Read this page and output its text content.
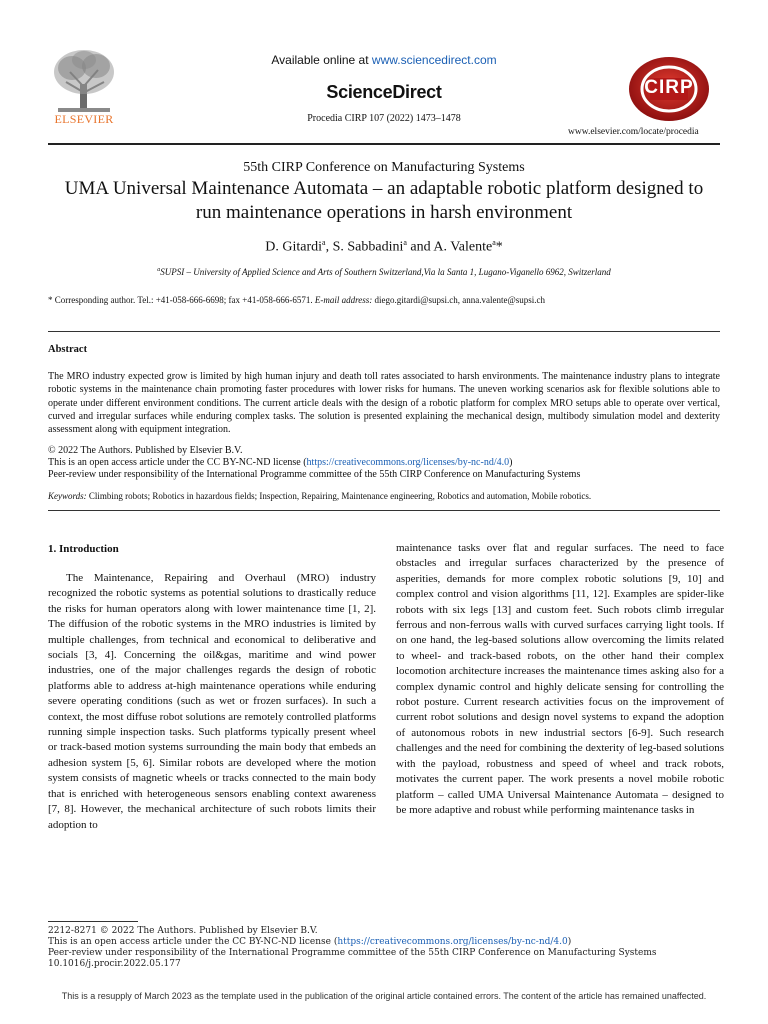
ELSEVIER
Available online at www.sciencedirect.com
ScienceDirect
Procedia CIRP 107 (2022) 1473–1478
CIRP
www.elsevier.com/locate/procedia
55th CIRP Conference on Manufacturing Systems
UMA Universal Maintenance Automata – an adaptable robotic platform designed to run maintenance operations in harsh environment
D. Gitardi$^a$, S. Sabbadini$^a$ and A. Valente$^a$*
$^a$SUPSI – University of Applied Science and Arts of Southern Switzerland,Via la Santa 1, Lugano-Viganello 6962, Switzerland
* Corresponding author. Tel.: +41-058-666-6698; fax +41-058-666-6571. E-mail address: diego.gitardi@supsi.ch, anna.valente@supsi.ch
Abstract
The MRO industry expected grow is limited by high human injury and death toll rates associated to harsh environments. The maintenance industry plans to integrate robotic systems in the maintenance chain promoting faster procedures with lower risks for humans. The uneven working scenarios ask for flexible solutions able to operate under different environment conditions. The current article deals with the design of a robotic platform for complex MRO setups able to operate over vertical, curved and irregular surfaces while enduring complex tasks. The solution is presented explaining the mechanical design, multibody simulation model and dexterity assessment along with equipment integration.
© 2022 The Authors. Published by Elsevier B.V.
This is an open access article under the CC BY-NC-ND license (https://creativecommons.org/licenses/by-nc-nd/4.0)
Peer-review under responsibility of the International Programme committee of the 55th CIRP Conference on Manufacturing Systems
Keywords: Climbing robots; Robotics in hazardous fields; Inspection, Repairing, Maintenance engineering, Robotics and automation, Mobile robotics.
1. Introduction
The Maintenance, Repairing and Overhaul (MRO) industry recognized the robotic systems as potential solutions to drastically reduce the risks for human operators along with lower maintenance time [1, 2]. The diffusion of the robotic systems in the MRO industries is limited by multiple challenges, from technical and economical to deliberative and socials [3, 4]. Concerning the oil&gas, maritime and wind power industries, one of the major challenges regards the design of robotic platforms able to address at-high maintenance operations while enduring severe operating conditions (such as wet or frozen surfaces). In such a context, the most diffuse robot solutions are remotely controlled platforms running simple inspection tasks. Such platforms typically present wheel or track-based motion systems surrounding the main body that embeds an adhesion system [5, 6]. Similar robots are developed where the motion system consists of magnetic wheels or tracks connected to the main body that is enriched with heterogeneous sensors enabling context awareness [7, 8]. However, the mechanical architecture of such robots limits their adoption to
maintenance tasks over flat and regular surfaces. The need to face obstacles and irregular surfaces characterized by the presence of asperities, demands for more complex robotic solutions [9, 10] and complex control and vision algorithms [11, 12]. Examples are spider-like robots with six legs [13] and custom feet. Such robots climb irregular ferrous and non-ferrous walls with curved surfaces carrying light tools. If on one hand, the leg-based solutions allow overcoming the limits related to wheel- and track-based robots, on the other hand their complex locomotion architecture increases the maintenance times asking also for a complex dynamic control and highly delicate sensing for controlling the robot posture. Current research activities focus on the improvement of current robot solutions and design novel systems to expand the adoption of autonomous robots in new industrial sectors [6-9]. Such research challenges and the need for combining the dexterity of leg-based solutions with the payload, robustness and speed of wheel and track robots, motivates the current paper. The work presents a novel mobile robotic platform – called UMA Universal Maintenance Automata – designed to be more adaptive and robust while performing maintenance tasks in
2212-8271 © 2022 The Authors. Published by Elsevier B.V.
This is an open access article under the CC BY-NC-ND license (https://creativecommons.org/licenses/by-nc-nd/4.0)
Peer-review under responsibility of the International Programme committee of the 55th CIRP Conference on Manufacturing Systems
10.1016/j.procir.2022.05.177
This is a resupply of March 2023 as the template used in the publication of the original article contained errors. The content of the article has remained unaffected.
